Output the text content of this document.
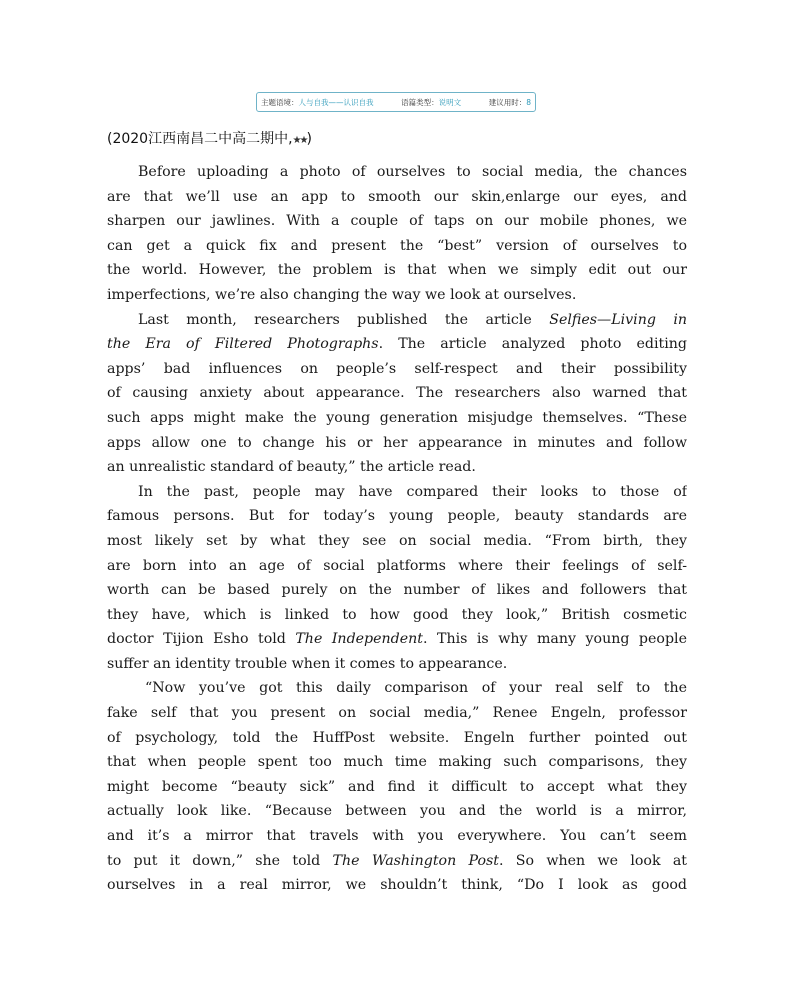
主题语境： 人与自我——认识自我	语篇类型： 说明文	建议用时： 8
(2020江西南昌二中高二期中,★★)
Before uploading a photo of ourselves to social media, the chances
are that we’ll use an app to smooth our skin,enlarge our eyes, and
sharpen our jawlines. With a couple of taps on our mobile phones, we
can get a quick fix and present the “best” version of ourselves to
the world. However, the problem is that when we simply edit out our
imperfections, we’re also changing the way we look at ourselves.
Last month, researchers published the article Selfies—Living in
the Era of Filtered Photographs. The article analyzed photo editing
apps’ bad influences on people’s self-respect and their possibility
of causing anxiety about appearance. The researchers also warned that
such apps might make the young generation misjudge themselves. “These
apps allow one to change his or her appearance in minutes and follow
an unrealistic standard of beauty,” the article read.
In the past, people may have compared their looks to those of
famous persons. But for today’s young people, beauty standards are
most likely set by what they see on social media. “From birth, they
are born into an age of social platforms where their feelings of self-
worth can be based purely on the number of likes and followers that
they have, which is linked to how good they look,” British cosmetic
doctor Tijion Esho told The Independent. This is why many young people
suffer an identity trouble when it comes to appearance.
“Now you’ve got this daily comparison of your real self to the
fake self that you present on social media,” Renee Engeln, professor
of psychology, told the HuffPost website. Engeln further pointed out
that when people spent too much time making such comparisons, they
might become “beauty sick” and find it difficult to accept what they
actually look like. “Because between you and the world is a mirror,
and it’s a mirror that travels with you everywhere. You can’t seem
to put it down,” she told The Washington Post. So when we look at
ourselves in a real mirror, we shouldn’t think, “Do I look as good
